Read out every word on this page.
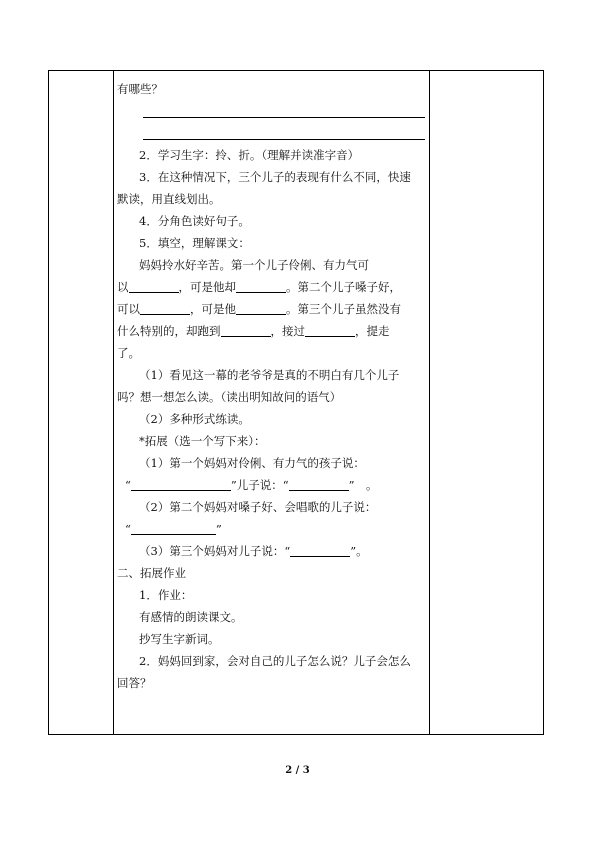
有哪些？
2．学习生字：拎、折。（理解并读准字音）
3．在这种情况下，三个儿子的表现有什么不同，快速
默读，用直线划出。
4．分角色读好句子。
5．填空，理解课文：
妈妈拎水好辛苦。第一个儿子伶俐、有力气可
以	，可是他却	。第二个儿子嗓子好，
可以	，可是他	。第三个儿子虽然没有
什么特别的，却跑到	，接过	，提走
了。
（1）看见这一幕的老爷爷是真的不明白有几个儿子
吗？想一想怎么读。（读出明知故问的语气）
（2）多种形式练读。
*拓展（选一个写下来）：
（1）第一个妈妈对伶俐、有力气的孩子说：
“	”儿子说：“	”　。
（2）第二个妈妈对嗓子好、会唱歌的儿子说：
“	”
（3）第三个妈妈对儿子说：“	”。
二、拓展作业
1．作业：
有感情的朗读课文。
抄写生字新词。
2．妈妈回到家，会对自己的儿子怎么说？儿子会怎么
回答？
2 / 3
